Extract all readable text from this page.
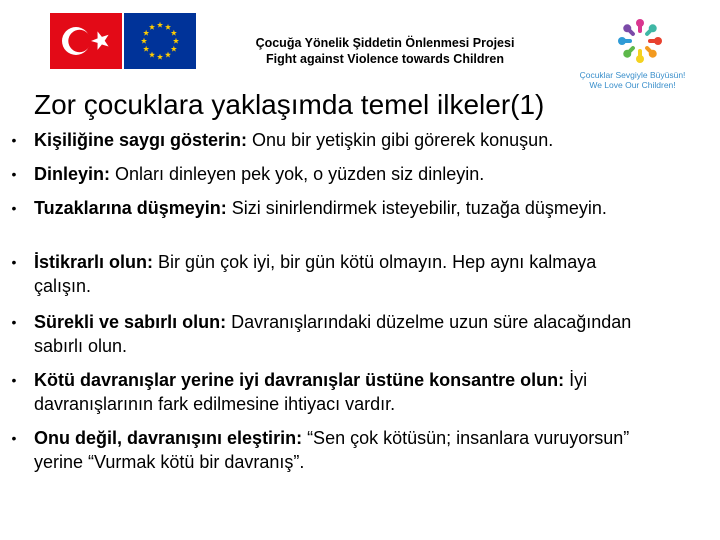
Çocuğa Yönelik Şiddetin Önlenmesi Projesi
Fight against Violence towards Children
Çocuklar Sevgiyle Büyüsün!
We Love Our Children!
Zor çocuklara yaklaşımda temel ilkeler(1)
• Kişiliğine saygı gösterin: Onu bir yetişkin gibi görerek konuşun.
• Dinleyin: Onları dinleyen pek yok, o yüzden siz dinleyin.
• Tuzaklarına düşmeyin: Sizi sinirlendirmek isteyebilir, tuzağa düşmeyin.
• İstikrarlı olun: Bir gün çok iyi, bir gün kötü olmayın. Hep aynı kalmaya çalışın.
• Sürekli ve sabırlı olun: Davranışlarındaki düzelme uzun süre alacağından sabırlı olun.
• Kötü davranışlar yerine iyi davranışlar üstüne konsantre olun: İyi davranışlarının fark edilmesine ihtiyacı vardır.
• Onu değil, davranışını eleştirin: “Sen çok kötüsün; insanlara vuruyorsun” yerine “Vurmak kötü bir davranış”.
